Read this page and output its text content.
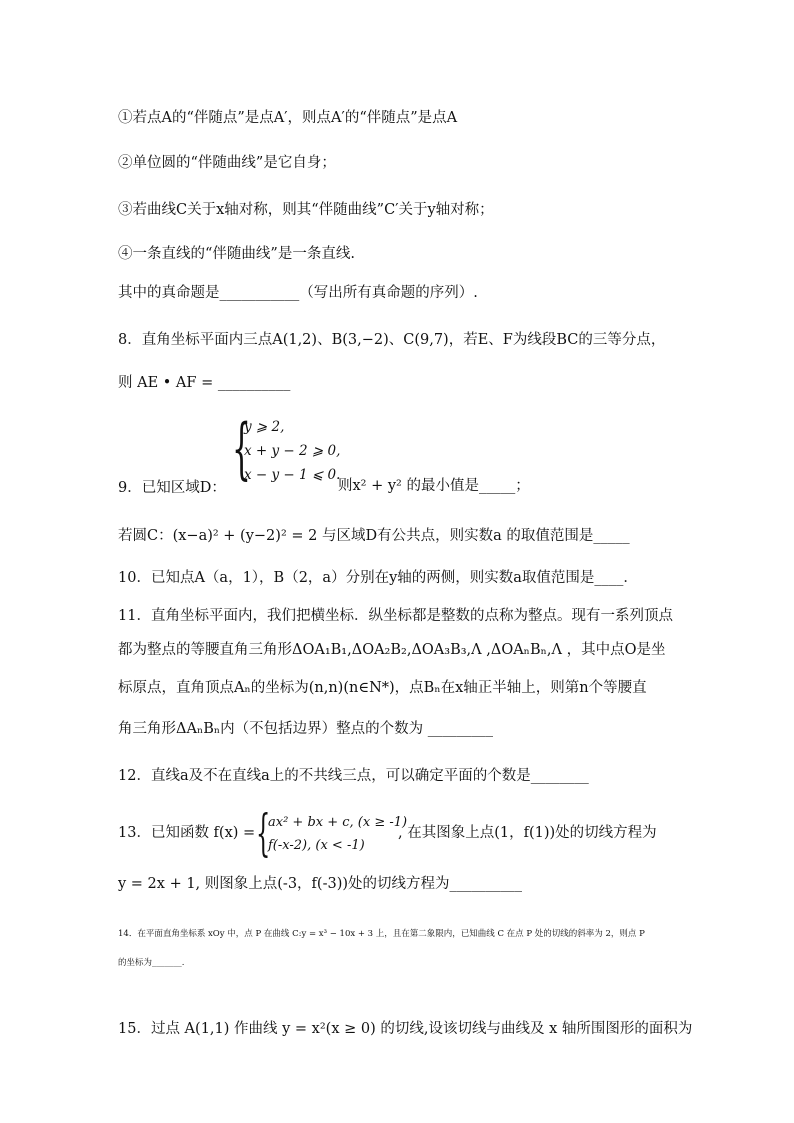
①若点A的“伴随点”是点A′，则点A′的“伴随点”是点A
②单位圆的“伴随曲线”是它自身；
③若曲线C关于x轴对称，则其“伴随曲线”C′关于y轴对称；
④一条直线的“伴随曲线”是一条直线.
其中的真命题是___________（写出所有真命题的序列）.
8．直角坐标平面内三点A(1,2)、B(3,−2)、C(9,7)，若E、F为线段BC的三等分点，
则 AE • AF = __________
{
y ⩾ 2,
x + y − 2 ⩾ 0,
x − y − 1 ⩽ 0.
9．已知区域D：	则x² + y² 的最小值是_____；
若圆C：(x−a)² + (y−2)² = 2 与区域D有公共点，则实数a 的取值范围是_____
10．已知点A（a，1），B（2，a）分别在y轴的两侧，则实数a取值范围是____．
11．直角坐标平面内，我们把横坐标．纵坐标都是整数的点称为整点。现有一系列顶点
都为整点的等腰直角三角形ΔOA₁B₁,ΔOA₂B₂,ΔOA₃B₃,Λ ,ΔOAₙBₙ,Λ ，其中点O是坐
标原点，直角顶点Aₙ的坐标为(n,n)(n∈N*)，点Bₙ在x轴正半轴上，则第n个等腰直
角三角形ΔAₙBₙ内（不包括边界）整点的个数为 _________
12．直线a及不在直线a上的不共线三点，可以确定平面的个数是________
13．已知函数 f(x) = {
ax² + bx + c, (x ≥ -1)
f(-x-2), (x < -1)
, 在其图象上点(1，f(1))处的切线方程为
y = 2x + 1, 则图象上点(-3，f(-3))处的切线方程为__________
14．在平面直角坐标系 xOy 中，点 P 在曲线 C:y = x³ − 10x + 3 上，且在第二象限内，已知曲线 C 在点 P 处的切线的斜率为 2，则点 P
的坐标为_______.
15．过点 A(1,1) 作曲线 y = x²(x ≥ 0) 的切线,设该切线与曲线及 x 轴所围图形的面积为
